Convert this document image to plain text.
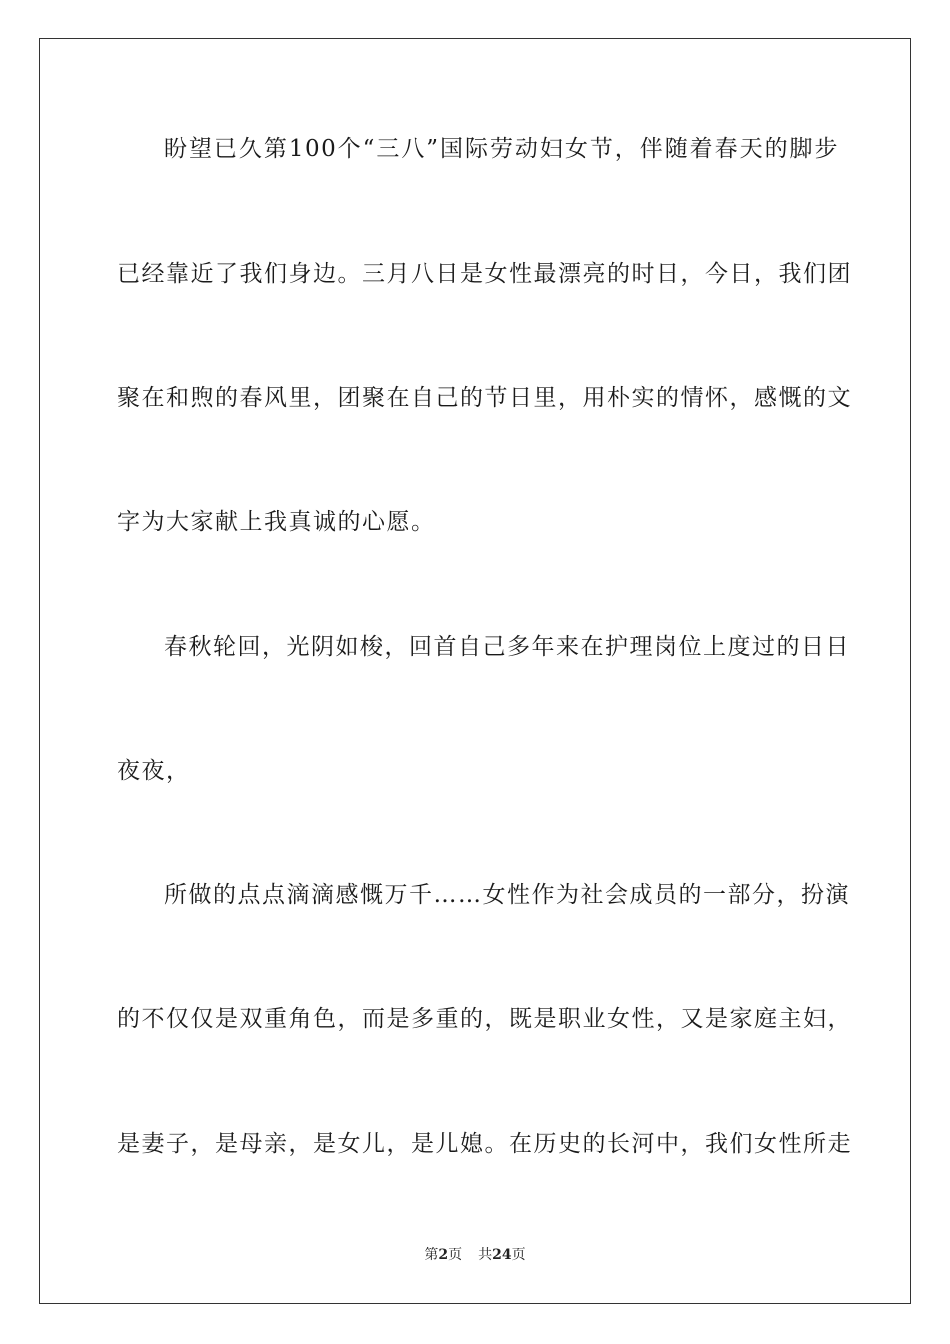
盼望已久第100个“三八”国际劳动妇女节，伴随着春天的脚步
已经靠近了我们身边。三月八日是女性最漂亮的时日，今日，我们团
聚在和煦的春风里，团聚在自己的节日里，用朴实的情怀，感慨的文
字为大家献上我真诚的心愿。
春秋轮回，光阴如梭，回首自己多年来在护理岗位上度过的日日
夜夜，
所做的点点滴滴感慨万千……女性作为社会成员的一部分，扮演
的不仅仅是双重角色，而是多重的，既是职业女性，又是家庭主妇，
是妻子，是母亲，是女儿，是儿媳。在历史的长河中，我们女性所走
第2页 共24页
